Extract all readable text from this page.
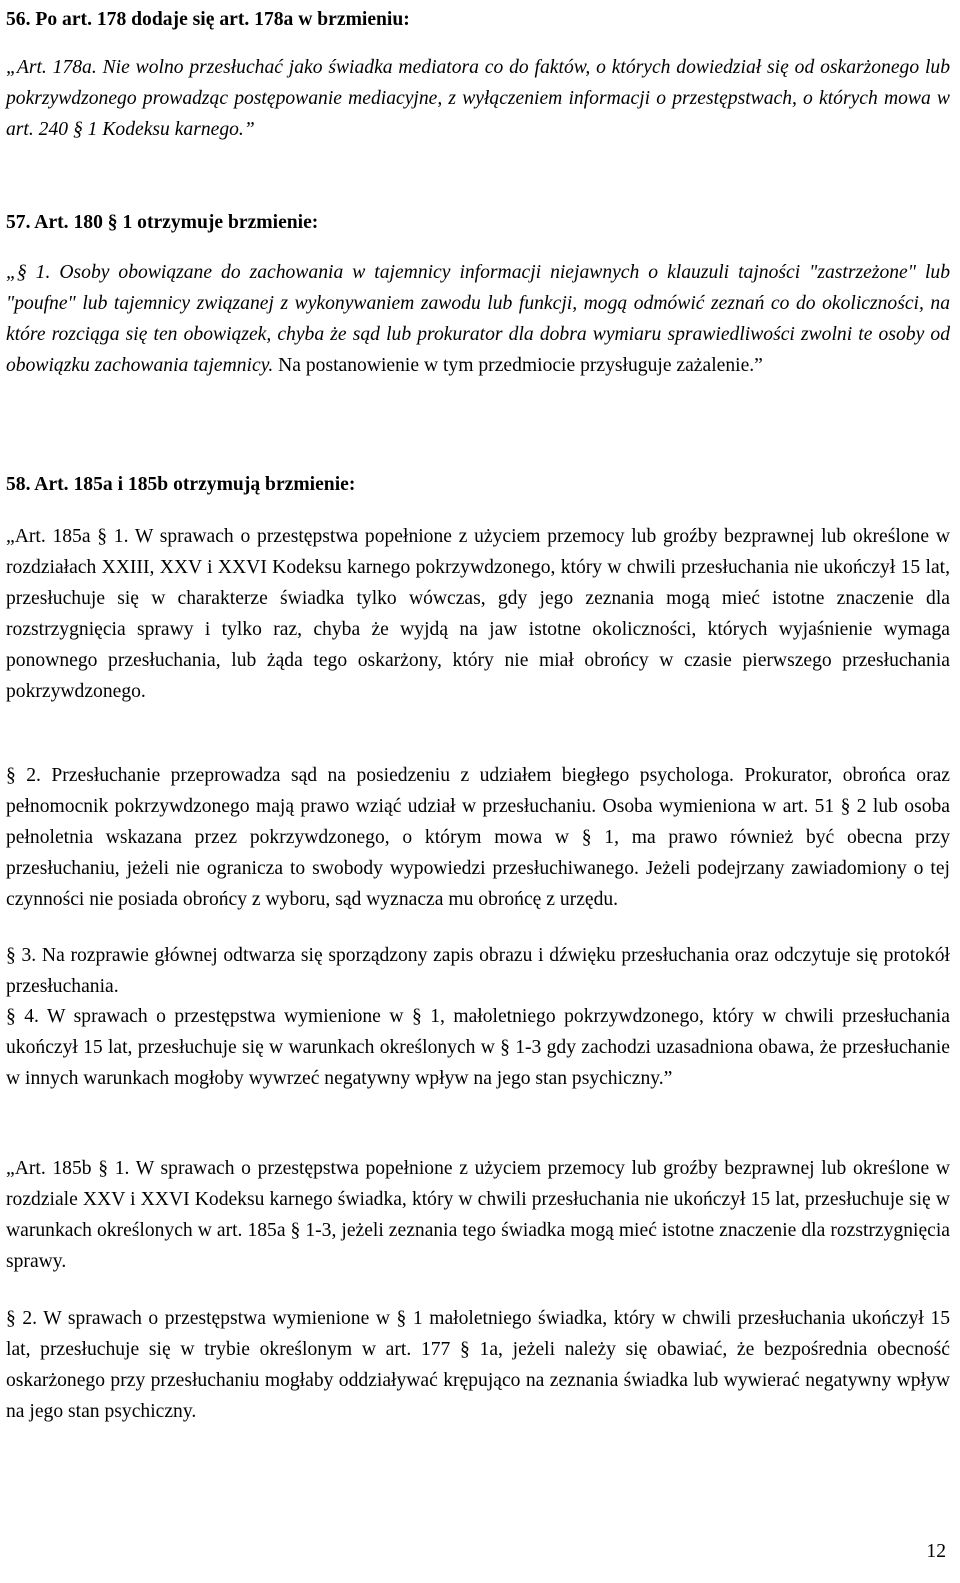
56. Po art. 178 dodaje się art. 178a w brzmieniu:

„Art. 178a. Nie wolno przesłuchać jako świadka mediatora co do faktów, o których dowiedział się od oskarżonego lub pokrzywdzonego prowadząc postępowanie mediacyjne, z wyłączeniem informacji o przestępstwach, o których mowa w art. 240 § 1 Kodeksu karnego.”

57. Art. 180 § 1 otrzymuje brzmienie:

„§ 1. Osoby obowiązane do zachowania w tajemnicy informacji niejawnych o klauzuli tajności "zastrzeżone" lub "poufne" lub tajemnicy związanej z wykonywaniem zawodu lub funkcji, mogą odmówić zeznań co do okoliczności, na które rozciąga się ten obowiązek, chyba że sąd lub prokurator dla dobra wymiaru sprawiedliwości zwolni te osoby od obowiązku zachowania tajemnicy. Na postanowienie w tym przedmiocie przysługuje zażalenie.”

58. Art. 185a i 185b otrzymują brzmienie:

„Art. 185a § 1. W sprawach o przestępstwa popełnione z użyciem przemocy lub groźby bezprawnej lub określone w rozdziałach XXIII, XXV i XXVI Kodeksu karnego pokrzywdzonego, który w chwili przesłuchania nie ukończył 15 lat, przesłuchuje się w charakterze świadka tylko wówczas, gdy jego zeznania mogą mieć istotne znaczenie dla rozstrzygnięcia sprawy i tylko raz, chyba że wyjdą na jaw istotne okoliczności, których wyjaśnienie wymaga ponownego przesłuchania, lub żąda tego oskarżony, który nie miał obrońcy w czasie pierwszego przesłuchania pokrzywdzonego.

§ 2. Przesłuchanie przeprowadza sąd na posiedzeniu z udziałem biegłego psychologa. Prokurator, obrońca oraz pełnomocnik pokrzywdzonego mają prawo wziąć udział w przesłuchaniu. Osoba wymieniona w art. 51 § 2 lub osoba pełnoletnia wskazana przez pokrzywdzonego, o którym mowa w § 1, ma prawo również być obecna przy przesłuchaniu, jeżeli nie ogranicza to swobody wypowiedzi przesłuchiwanego. Jeżeli podejrzany zawiadomiony o tej czynności nie posiada obrońcy z wyboru, sąd wyznacza mu obrońcę z urzędu.

§ 3. Na rozprawie głównej odtwarza się sporządzony zapis obrazu i dźwięku przesłuchania oraz odczytuje się protokół przesłuchania.

§ 4. W sprawach o przestępstwa wymienione w § 1, małoletniego pokrzywdzonego, który w chwili przesłuchania ukończył 15 lat, przesłuchuje się w warunkach określonych w § 1-3 gdy zachodzi uzasadniona obawa, że przesłuchanie w innych warunkach mogłoby wywrzeć negatywny wpływ na jego stan psychiczny.”

„Art. 185b § 1. W sprawach o przestępstwa popełnione z użyciem przemocy lub groźby bezprawnej lub określone w rozdziale XXV i XXVI Kodeksu karnego świadka, który w chwili przesłuchania nie ukończył 15 lat, przesłuchuje się w warunkach określonych w art. 185a § 1-3, jeżeli zeznania tego świadka mogą mieć istotne znaczenie dla rozstrzygnięcia sprawy.

§ 2. W sprawach o przestępstwa wymienione w § 1 małoletniego świadka, który w chwili przesłuchania ukończył 15 lat, przesłuchuje się w trybie określonym w art. 177 § 1a, jeżeli należy się obawiać, że bezpośrednia obecność oskarżonego przy przesłuchaniu mogłaby oddziaływać krępująco na zeznania świadka lub wywierać negatywny wpływ na jego stan psychiczny.

12
